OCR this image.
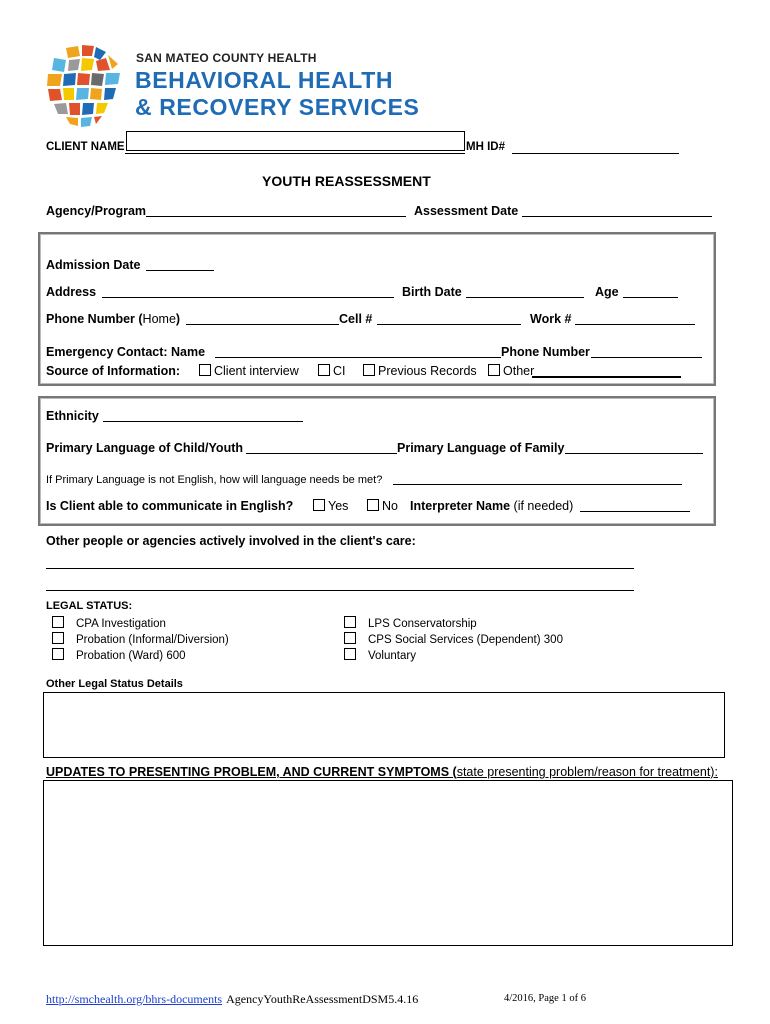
SAN MATEO COUNTY HEALTH
BEHAVIORAL HEALTH
& RECOVERY SERVICES
CLIENT NAME	MH ID#
YOUTH REASSESSMENT
Agency/Program	Assessment Date
Admission Date
Address	Birth Date	Age
Phone Number (Home)	Cell #	Work #
Emergency Contact: Name	Phone Number
Source of Information:	Client interview	CI	Previous Records	Other
Ethnicity
Primary Language of Child/Youth	Primary Language of Family
If Primary Language is not English, how will language needs be met?
Is Client able to communicate in English?	Yes	No Interpreter Name (if needed)
Other people or agencies actively involved in the client's care:
LEGAL STATUS:
CPA Investigation
Probation (Informal/Diversion)
Probation (Ward) 600
LPS Conservatorship
CPS Social Services (Dependent) 300
Voluntary
Other Legal Status Details
UPDATES TO PRESENTING PROBLEM, AND CURRENT SYMPTOMS (state presenting problem/reason for treatment):
http://smchealth.org/bhrs-documents AgencyYouthReAssessmentDSM5.4.16	4/2016, Page 1 of 6
